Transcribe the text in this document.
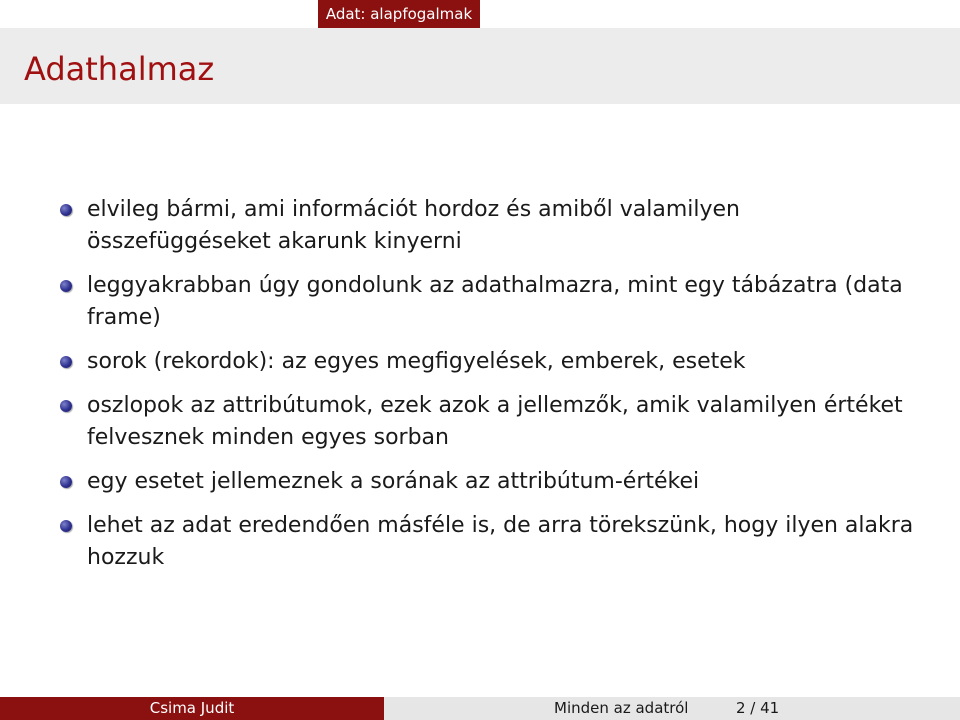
Adat: alapfogalmak
Adathalmaz
elvileg bármi, ami információt hordoz és amiből valamilyen összefüggéseket akarunk kinyerni
leggyakrabban úgy gondolunk az adathalmazra, mint egy tábázatra (data frame)
sorok (rekordok): az egyes megfigyelések, emberek, esetek
oszlopok az attribútumok, ezek azok a jellemzők, amik valamilyen értéket felvesznek minden egyes sorban
egy esetet jellemeznek a sorának az attribútum-értékei
lehet az adat eredendően másféle is, de arra törekszünk, hogy ilyen alakra hozzuk
Csima Judit	Minden az adatról	2 / 41
